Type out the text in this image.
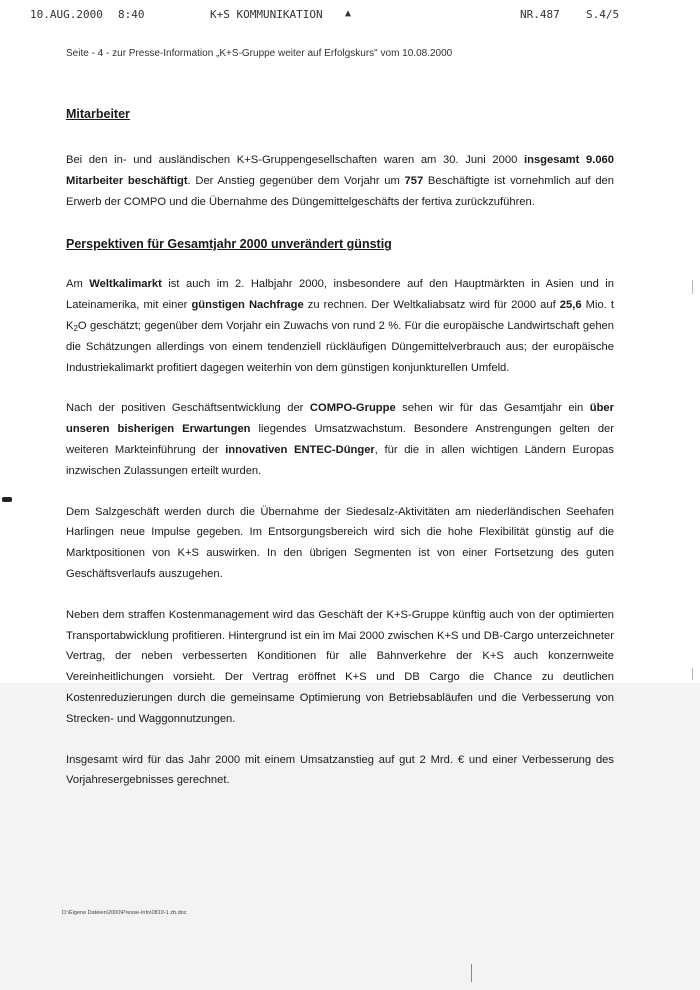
10.AUG.2000 8:40	K+S KOMMUNIKATION ▲	NR.487 S.4/5
Seite - 4 - zur Presse-Information „K+S-Gruppe weiter auf Erfolgskurs" vom 10.08.2000
Mitarbeiter

Bei den in- und ausländischen K+S-Gruppengesellschaften waren am 30. Juni 2000 insgesamt 9.060 Mitarbeiter beschäftigt. Der Anstieg gegenüber dem Vorjahr um 757 Beschäftigte ist vornehmlich auf den Erwerb der COMPO und die Übernahme des Düngemittelgeschäfts der fertiva zurückzuführen.

Perspektiven für Gesamtjahr 2000 unverändert günstig

Am Weltkalimarkt ist auch im 2. Halbjahr 2000, insbesondere auf den Hauptmärkten in Asien und in Lateinamerika, mit einer günstigen Nachfrage zu rechnen. Der Weltkaliabsatz wird für 2000 auf 25,6 Mio. t $K_2O$ geschätzt; gegenüber dem Vorjahr ein Zuwachs von rund 2 %. Für die europäische Landwirtschaft gehen die Schätzungen allerdings von einem tendenziell rückläufigen Düngemittelverbrauch aus; der europäische Industriekalimarkt profitiert dagegen weiterhin von dem günstigen konjunkturellen Umfeld.

Nach der positiven Geschäftsentwicklung der COMPO-Gruppe sehen wir für das Gesamtjahr ein über unseren bisherigen Erwartungen liegendes Umsatzwachstum. Besondere Anstrengungen gelten der weiteren Markteinführung der innovativen ENTEC-Dünger, für die in allen wichtigen Ländern Europas inzwischen Zulassungen erteilt wurden.

Dem Salzgeschäft werden durch die Übernahme der Siedesalz-Aktivitäten am niederländischen Seehafen Harlingen neue Impulse gegeben. Im Entsorgungsbereich wird sich die hohe Flexibilität günstig auf die Marktpositionen von K+S auswirken. In den übrigen Segmenten ist von einer Fortsetzung des guten Geschäftsverlaufs auszugehen.

Neben dem straffen Kostenmanagement wird das Geschäft der K+S-Gruppe künftig auch von der optimierten Transportabwicklung profitieren. Hintergrund ist ein im Mai 2000 zwischen K+S und DB-Cargo unterzeichneter Vertrag, der neben verbesserten Konditionen für alle Bahnverkehre der K+S auch konzernweite Vereinheitlichungen vorsieht. Der Vertrag eröffnet K+S und DB Cargo die Chance zu deutlichen Kostenreduzierungen durch die gemeinsame Optimierung von Betriebsabläufen und die Verbesserung von Strecken- und Waggonnutzungen.

Insgesamt wird für das Jahr 2000 mit einem Umsatzanstieg auf gut 2 Mrd. € und einer Verbesserung des Vorjahresergebnisses gerechnet.

D:\Eigene Dateien\2000\Presse-Info\0810-1 zb.doc
